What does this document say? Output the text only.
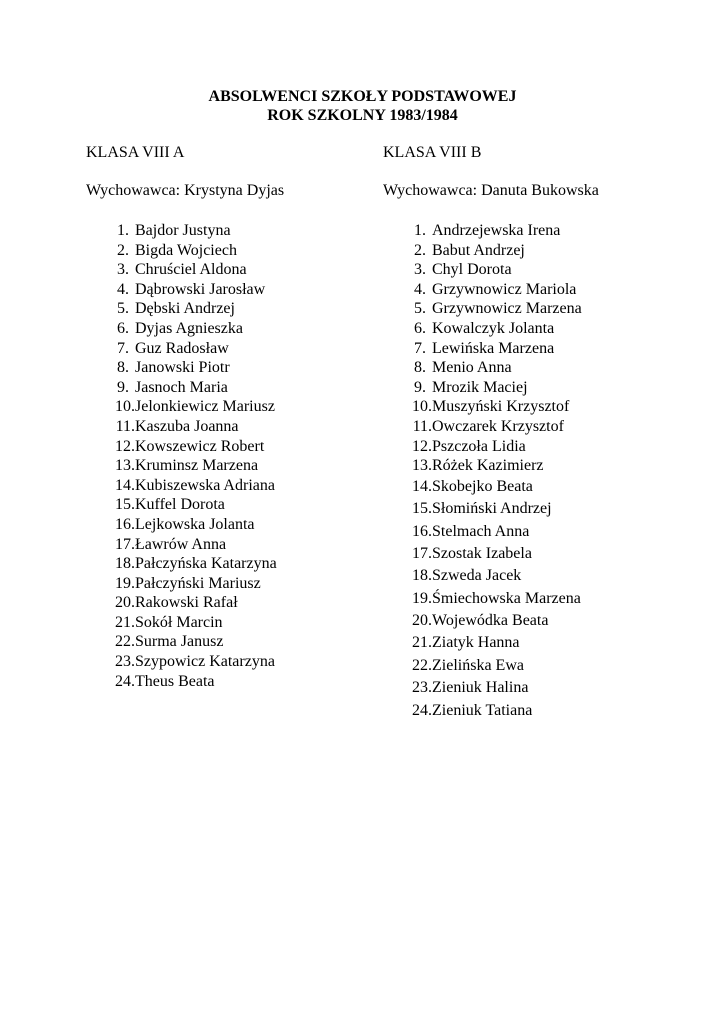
ABSOLWENCI SZKOŁY PODSTAWOWEJ
ROK SZKOLNY 1983/1984
KLASA VIII A
Wychowawca: Krystyna Dyjas
KLASA VIII B
Wychowawca: Danuta Bukowska
1. Bajdor Justyna
2. Bigda Wojciech
3. Chruściel Aldona
4. Dąbrowski Jarosław
5. Dębski Andrzej
6. Dyjas Agnieszka
7. Guz Radosław
8. Janowski Piotr
9. Jasnoch Maria
10.Jelonkiewicz Mariusz
11.Kaszuba Joanna
12.Kowszewicz Robert
13.Kruminsz Marzena
14.Kubiszewska Adriana
15.Kuffel Dorota
16.Lejkowska Jolanta
17.Ławrów Anna
18.Pałczyńska Katarzyna
19.Pałczyński Mariusz
20.Rakowski Rafał
21.Sokół Marcin
22.Surma Janusz
23.Szypowicz Katarzyna
24.Theus Beata
1. Andrzejewska Irena
2. Babut Andrzej
3. Chyl Dorota
4. Grzywnowicz Mariola
5. Grzywnowicz Marzena
6. Kowalczyk Jolanta
7. Lewińska Marzena
8. Menio Anna
9. Mrozik Maciej
10.Muszyński Krzysztof
11.Owczarek Krzysztof
12.Pszczoła Lidia
13.Różek Kazimierz
14.Skobejko Beata
15.Słomiński Andrzej
16.Stelmach Anna
17.Szostak Izabela
18.Szweda Jacek
19.Śmiechowska Marzena
20.Wojewódka Beata
21.Ziatyk Hanna
22.Zielińska Ewa
23.Zieniuk Halina
24.Zieniuk Tatiana
